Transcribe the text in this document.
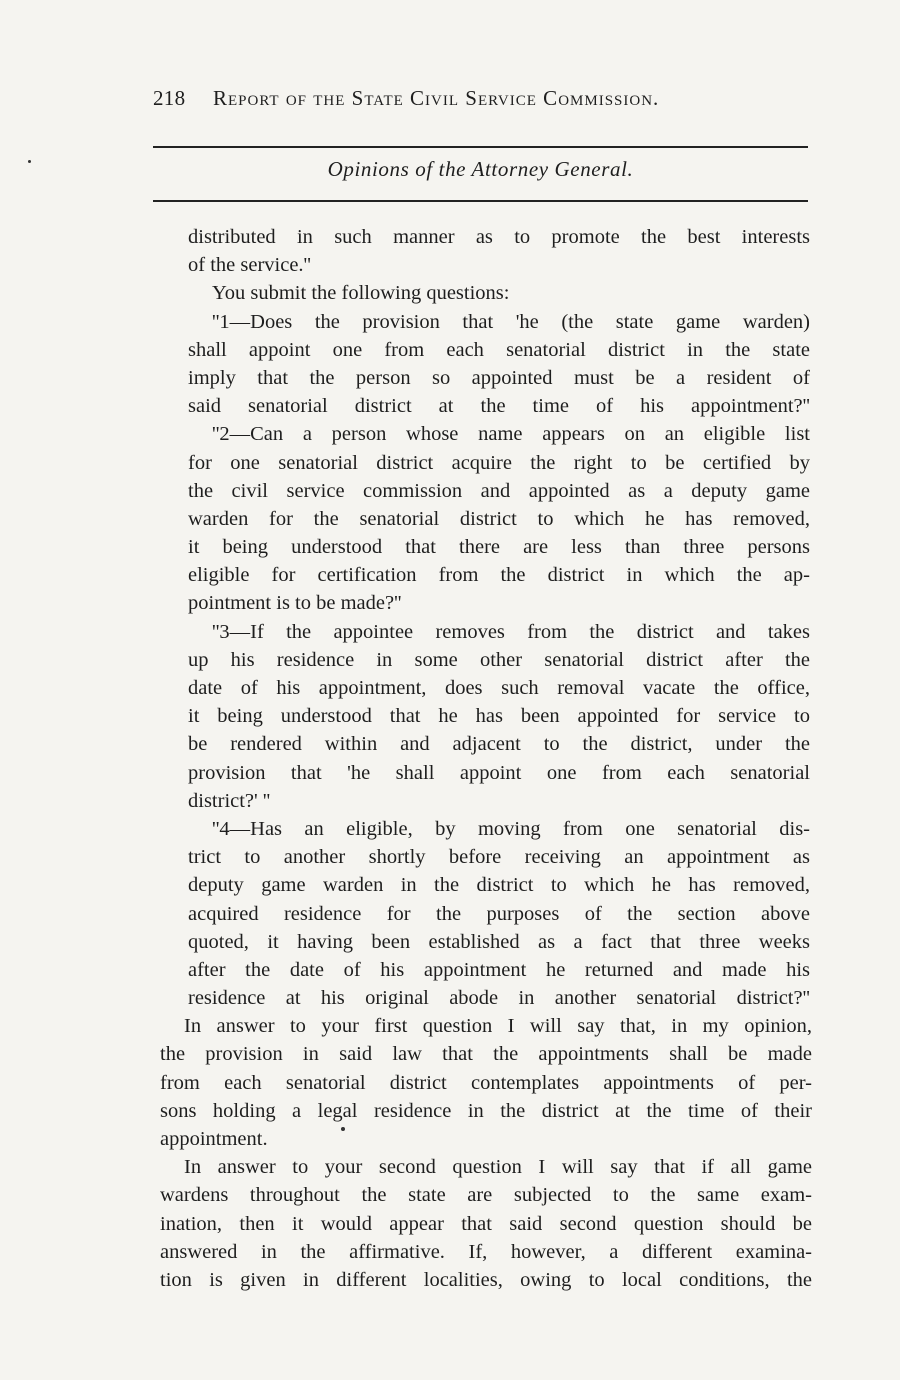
218 Report of the State Civil Service Commission.
Opinions of the Attorney General.
distributed in such manner as to promote the best interests
of the service.''
You submit the following questions:
''1—Does the provision that 'he (the state game warden)
shall appoint one from each senatorial district in the state
imply that the person so appointed must be a resident of
said senatorial district at the time of his appointment?''
''2—Can a person whose name appears on an eligible list
for one senatorial district acquire the right to be certified by
the civil service commission and appointed as a deputy game
warden for the senatorial district to which he has removed,
it being understood that there are less than three persons
eligible for certification from the district in which the ap-
pointment is to be made?''
''3—If the appointee removes from the district and takes
up his residence in some other senatorial district after the
date of his appointment, does such removal vacate the office,
it being understood that he has been appointed for service to
be rendered within and adjacent to the district, under the
provision that 'he shall appoint one from each senatorial
district?' ''
''4—Has an eligible, by moving from one senatorial dis-
trict to another shortly before receiving an appointment as
deputy game warden in the district to which he has removed,
acquired residence for the purposes of the section above
quoted, it having been established as a fact that three weeks
after the date of his appointment he returned and made his
residence at his original abode in another senatorial district?''
In answer to your first question I will say that, in my opinion,
the provision in said law that the appointments shall be made
from each senatorial district contemplates appointments of per-
sons holding a legal residence in the district at the time of their
appointment.
In answer to your second question I will say that if all game
wardens throughout the state are subjected to the same exam-
ination, then it would appear that said second question should be
answered in the affirmative. If, however, a different examina-
tion is given in different localities, owing to local conditions, the
